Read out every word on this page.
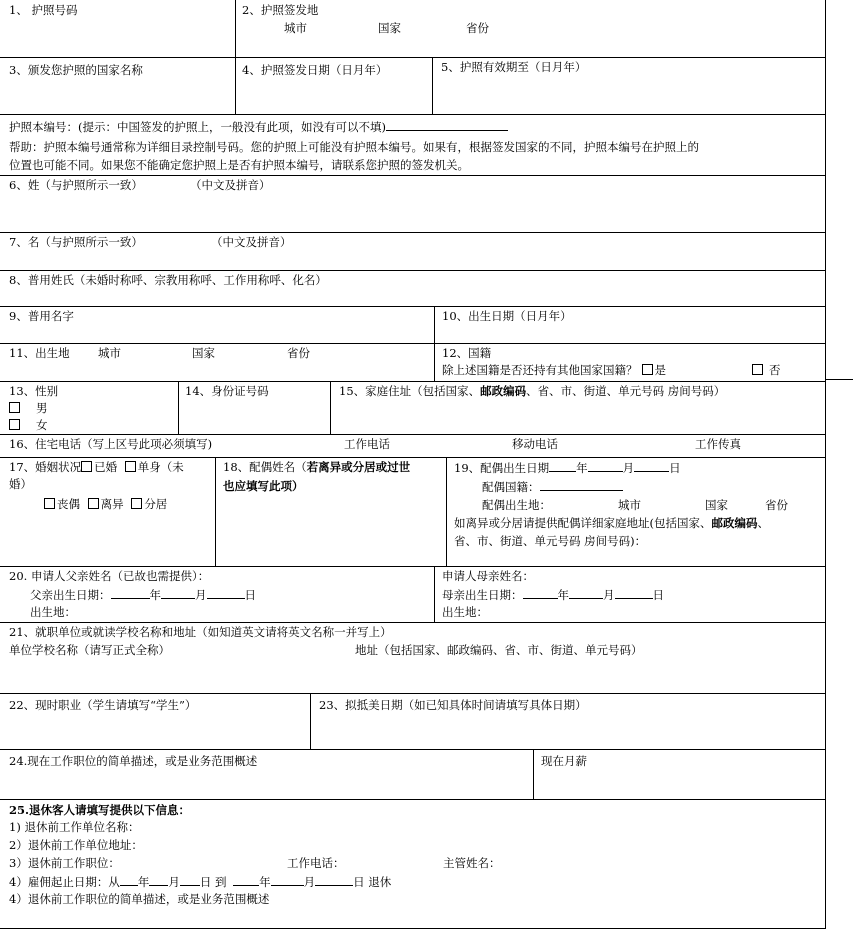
1、 护照号码	2、护照签发地
城市	国家	省份
3、颁发您护照的国家名称	4、护照签发日期（日月年）	5、护照有效期至（日月年）
护照本编号：(提示：中国签发的护照上，一般没有此项，如没有可以不填)
帮助：护照本编号通常称为详细目录控制号码。您的护照上可能没有护照本编号。如果有，根据签发国家的不同，护照本编号在护照上的
位置也可能不同。如果您不能确定您护照上是否有护照本编号，请联系您护照的签发机关。
6、姓（与护照所示一致）	（中文及拼音）
7、名（与护照所示一致）	（中文及拼音）
8、普用姓氏（未婚时称呼、宗教用称呼、工作用称呼、化名）
9、普用名字	10、出生日期（日月年）
11、出生地 城市	国家	省份	12、国籍
除上述国籍是否还持有其他国家国籍？ 是	否
13、性别
男
女
14、身份证号码	15、家庭住址（包括国家、邮政编码、省、市、街道、单元号码 房间号码）
16、住宅电话（写上区号此项必须填写)	工作电话	移动电话	工作传真
17、婚姻状况 已婚 单身（未
婚）
丧偶 离异 分居
18、配偶姓名（若离异或分居或过世
也应填写此项）
19、配偶出生日期 年	月	日
配偶国籍：
配偶出生地：	城市	国家	省份
如离异或分居请提供配偶详细家庭地址(包括国家、邮政编码、
省、市、街道、单元号码 房间号码)：
20. 申请人父亲姓名（已故也需提供）：
父亲出生日期：	年	月	日
出生地：
申请人母亲姓名：
母亲出生日期：	年	月	日
出生地：
21、就职单位或就读学校名称和地址（如知道英文请将英文名称一并写上）
单位学校名称（请写正式全称）	地址（包括国家、邮政编码、省、市、街道、单元号码）
22、现时职业（学生请填写“学生”）	23、拟抵美日期（如已知具体时间请填写具体日期）
24.现在工作职位的简单描述，或是业务范围概述	现在月薪
25.退休客人请填写提供以下信息：
1) 退休前工作单位名称：
2）退休前工作单位地址：
3）退休前工作职位：	工作电话：	主管姓名：
4）雇佣起止日期：从 年 月 日 到	年	月	日 退休
4）退休前工作职位的简单描述，或是业务范围概述
